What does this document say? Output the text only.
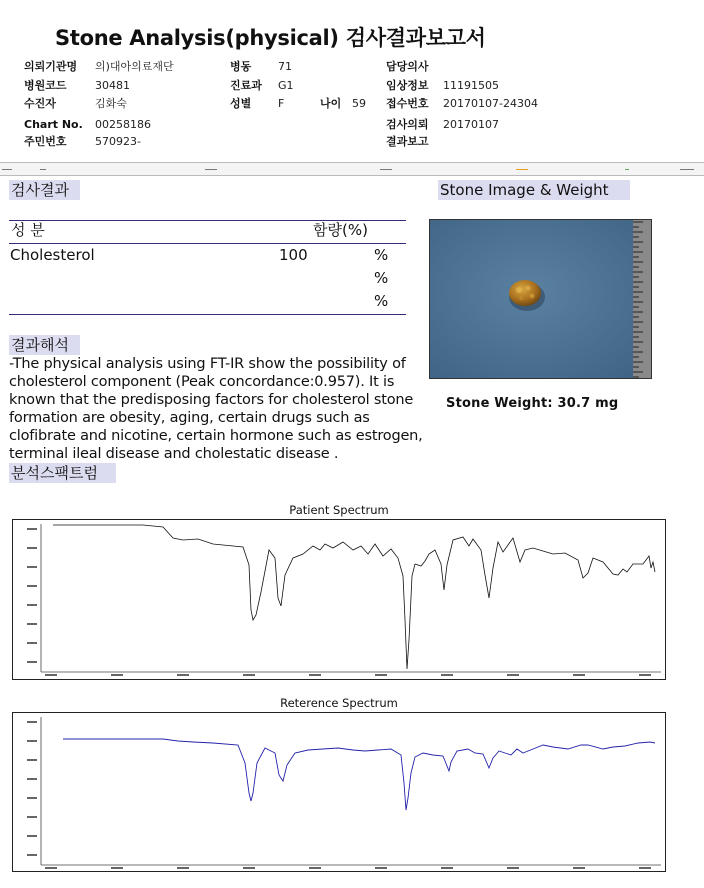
Stone Analysis(physical) 검사결과보고서
의뢰기관명 의)대아의료재단
병원코드	30481
수진자	김화숙
Chart No. 00258186
주민번호	570923-
병동 71
진료과 G1
성별 F	나이 59
담당의사
임상정보 11191505
접수번호 20170107-24304
검사의뢰 20170107
결과보고
검사결과
성 분	함량(%)
Cholesterol	100	%
%
%
결과해석
-The physical analysis using FT-IR show the possibility of cholesterol component (Peak concordance:0.957). It is known that the predisposing factors for cholesterol stone formation are obesity, aging, certain drugs such as clofibrate and nicotine, certain hormone such as estrogen, terminal ileal disease and cholestatic disease .
Stone Image & Weight
Stone Weight: 30.7 mg
분석스팩트럼
Patient Spectrum
Reterence Spectrum
